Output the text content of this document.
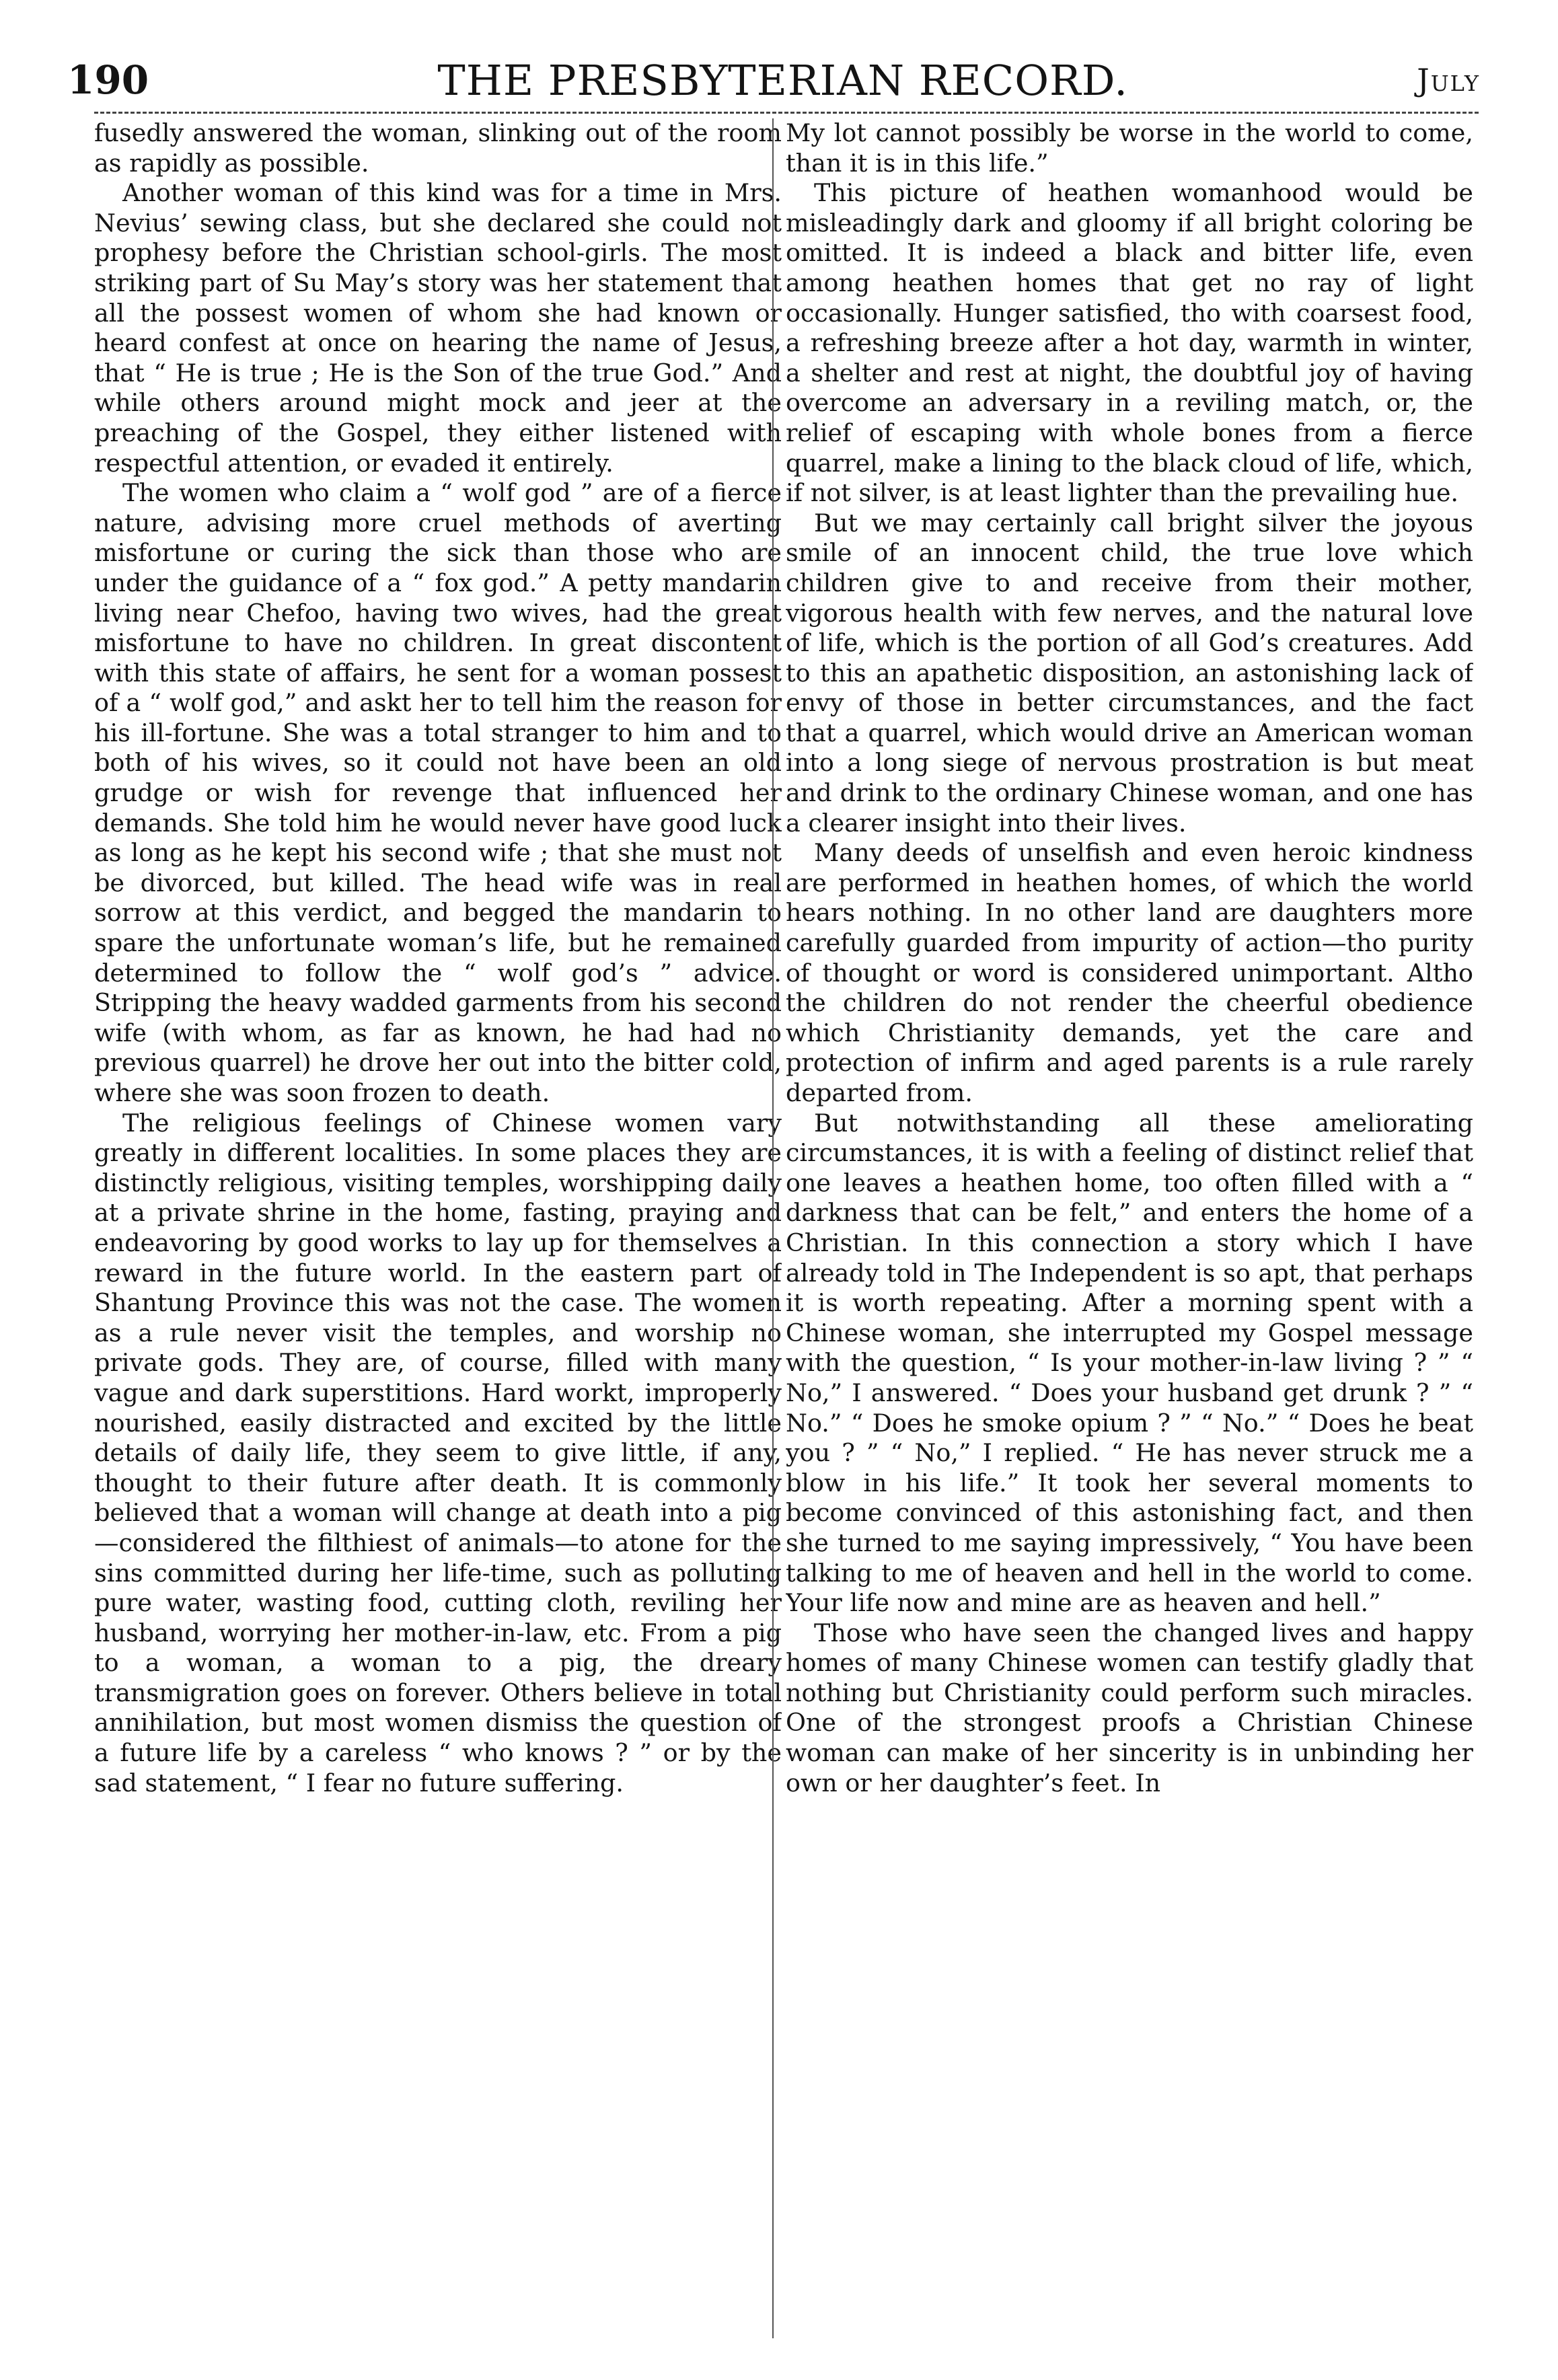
190	THE PRESBYTERIAN RECORD.	July

fusedly answered the woman, slinking out of the room as rapidly as possible.

Another woman of this kind was for a time in Mrs. Nevius’ sewing class, but she declared she could not prophesy before the Christian school-girls. The most striking part of Su May’s story was her statement that all the possest women of whom she had known or heard confest at once on hearing the name of Jesus, that “ He is true ; He is the Son of the true God.” And while others around might mock and jeer at the preaching of the Gospel, they either listened with respectful attention, or evaded it entirely.

The women who claim a “ wolf god ” are of a fierce nature, advising more cruel methods of averting misfortune or curing the sick than those who are under the guidance of a “ fox god.” A petty mandarin living near Chefoo, having two wives, had the great misfortune to have no children. In great discontent with this state of affairs, he sent for a woman possest of a “ wolf god,” and askt her to tell him the reason for his ill-fortune. She was a total stranger to him and to both of his wives, so it could not have been an old grudge or wish for revenge that influenced her demands. She told him he would never have good luck as long as he kept his second wife ; that she must not be divorced, but killed. The head wife was in real sorrow at this verdict, and begged the mandarin to spare the unfortunate woman’s life, but he remained determined to follow the “ wolf god’s ” advice. Stripping the heavy wadded garments from his second wife (with whom, as far as known, he had had no previous quarrel) he drove her out into the bitter cold, where she was soon frozen to death.

The religious feelings of Chinese women vary greatly in different localities. In some places they are distinctly religious, visiting temples, worshipping daily at a private shrine in the home, fasting, praying and endeavoring by good works to lay up for themselves a reward in the future world. In the eastern part of Shantung Province this was not the case. The women as a rule never visit the temples, and worship no private gods. They are, of course, filled with many vague and dark superstitions. Hard workt, improperly nourished, easily distracted and excited by the little details of daily life, they seem to give little, if any, thought to their future after death. It is commonly believed that a woman will change at death into a pig—considered the filthiest of animals—to atone for the sins committed during her life-time, such as polluting pure water, wasting food, cutting cloth, reviling her husband, worrying her mother-in-law, etc. From a pig to a woman, a woman to a pig, the dreary transmigration goes on forever. Others believe in total annihilation, but most women dismiss the question of a future life by a careless “ who knows ? ” or by the sad statement, “ I fear no future suffering.

My lot cannot possibly be worse in the world to come, than it is in this life.”

This picture of heathen womanhood would be misleadingly dark and gloomy if all bright coloring be omitted. It is indeed a black and bitter life, even among heathen homes that get no ray of light occasionally. Hunger satisfied, tho with coarsest food, a refreshing breeze after a hot day, warmth in winter, a shelter and rest at night, the doubtful joy of having overcome an adversary in a reviling match, or, the relief of escaping with whole bones from a fierce quarrel, make a lining to the black cloud of life, which, if not silver, is at least lighter than the prevailing hue.

But we may certainly call bright silver the joyous smile of an innocent child, the true love which children give to and receive from their mother, vigorous health with few nerves, and the natural love of life, which is the portion of all God’s creatures. Add to this an apathetic disposition, an astonishing lack of envy of those in better circumstances, and the fact that a quarrel, which would drive an American woman into a long siege of nervous prostration is but meat and drink to the ordinary Chinese woman, and one has a clearer insight into their lives.

Many deeds of unselfish and even heroic kindness are performed in heathen homes, of which the world hears nothing. In no other land are daughters more carefully guarded from impurity of action—tho purity of thought or word is considered unimportant. Altho the children do not render the cheerful obedience which Christianity demands, yet the care and protection of infirm and aged parents is a rule rarely departed from.

But notwithstanding all these ameliorating circumstances, it is with a feeling of distinct relief that one leaves a heathen home, too often filled with a “ darkness that can be felt,” and enters the home of a Christian. In this connection a story which I have already told in The Independent is so apt, that perhaps it is worth repeating. After a morning spent with a Chinese woman, she interrupted my Gospel message with the question, “ Is your mother-in-law living ? ” “ No,” I answered. “ Does your husband get drunk ? ” “ No.” “ Does he smoke opium ? ” “ No.” “ Does he beat you ? ” “ No,” I replied. “ He has never struck me a blow in his life.” It took her several moments to become convinced of this astonishing fact, and then she turned to me saying impressively, “ You have been talking to me of heaven and hell in the world to come. Your life now and mine are as heaven and hell.”

Those who have seen the changed lives and happy homes of many Chinese women can testify gladly that nothing but Christianity could perform such miracles. One of the strongest proofs a Christian Chinese woman can make of her sincerity is in unbinding her own or her daughter’s feet. In
